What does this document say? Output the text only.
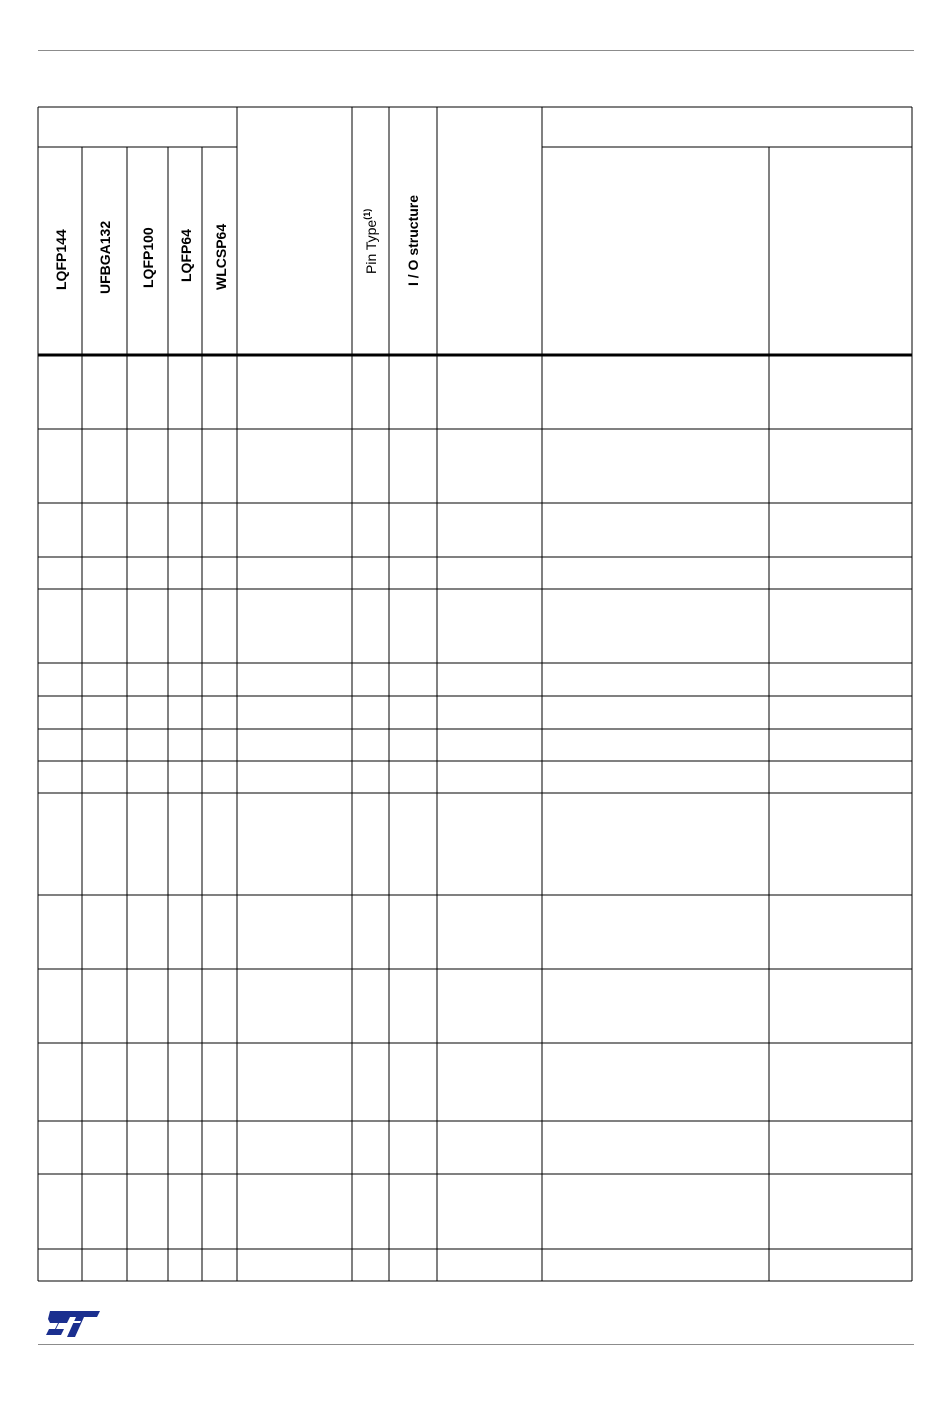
LQFP144 UFBGA132 LQFP100 LQFP64 WLCSP64	Pin Type$^{(1)}$	I / O structure
